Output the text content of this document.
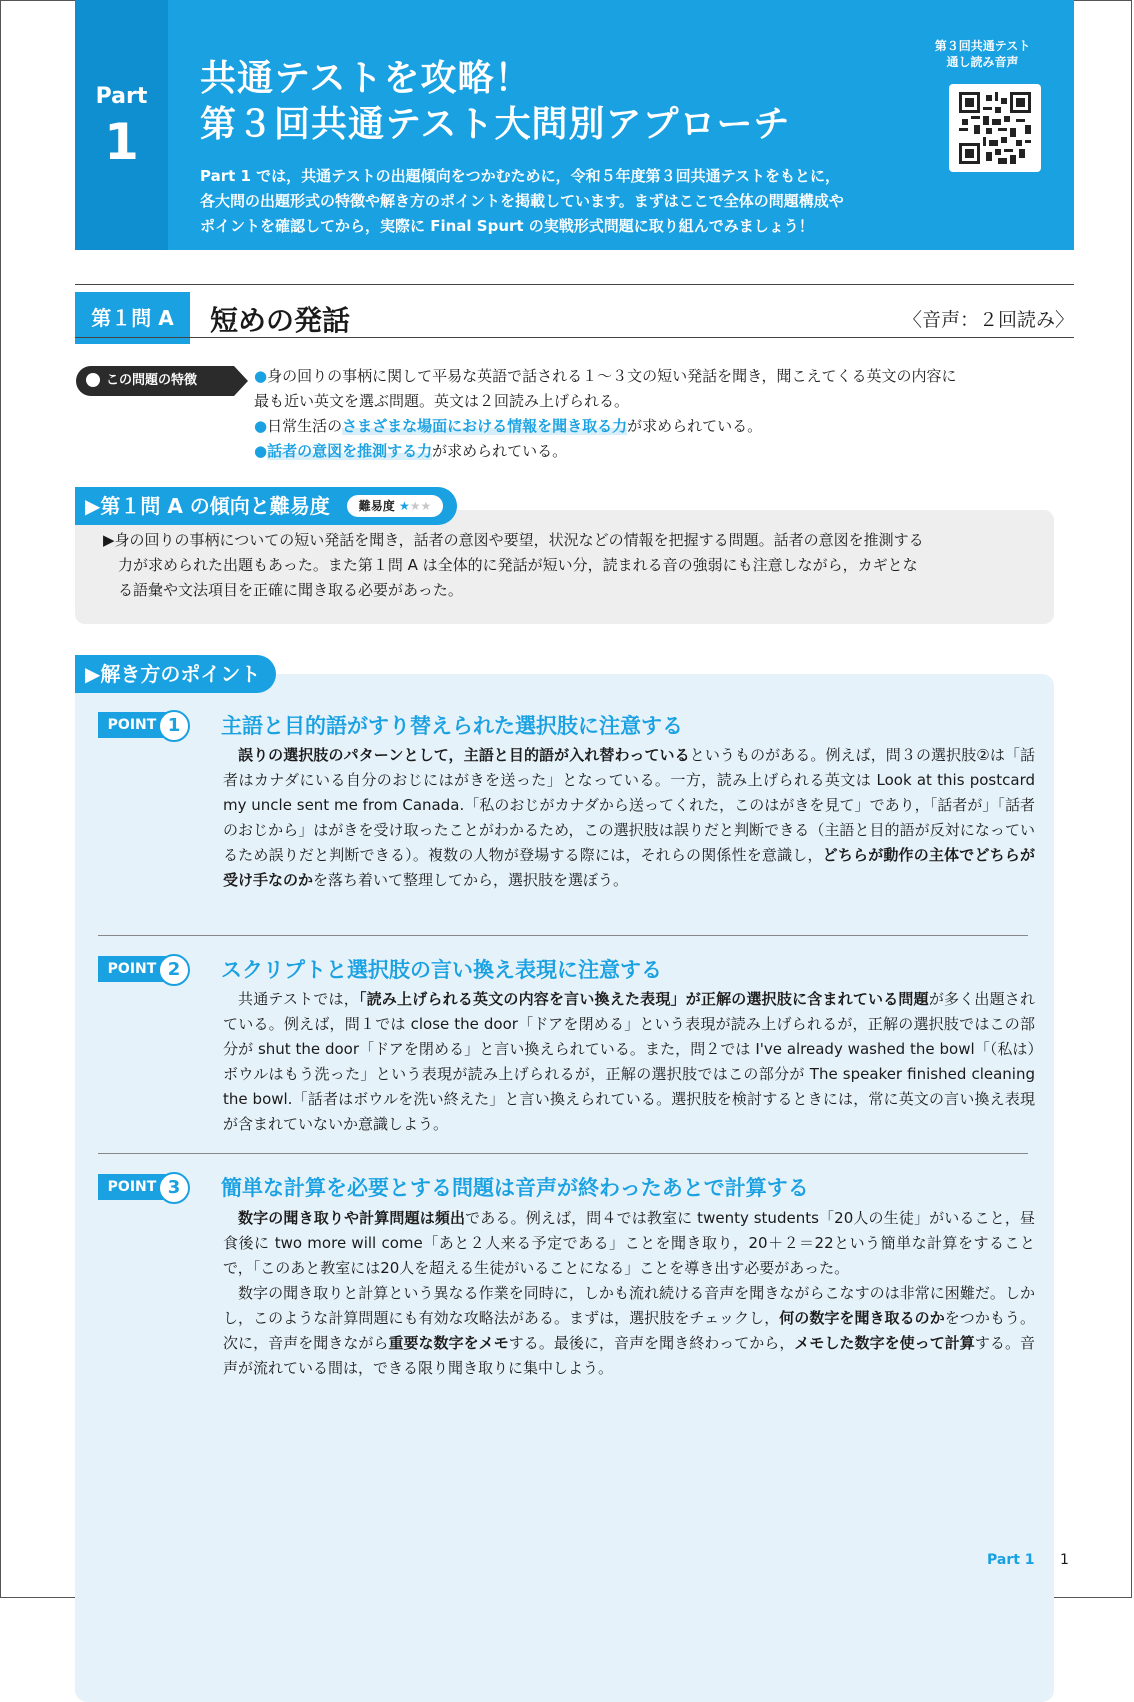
Part
1
共通テストを攻略！
第３回共通テスト大問別アプローチ
Part 1 では，共通テストの出題傾向をつかむために，令和５年度第３回共通テストをもとに，
各大問の出題形式の特徴や解き方のポイントを掲載しています。まずはここで全体の問題構成や
ポイントを確認してから，実際に Final Spurt の実戦形式問題に取り組んでみましょう！
第３回共通テスト
通し読み音声
第１問 A	短めの発話	〈音声：２回読み〉
この問題の特徴	●身の回りの事柄に関して平易な英語で話される１～３文の短い発話を聞き，聞こえてくる英文の内容に
最も近い英文を選ぶ問題。英文は２回読み上げられる。
●日常生活のさまざまな場面における情報を聞き取る力が求められている。
●話者の意図を推測する力が求められている。
▶第１問 A の傾向と難易度 難易度 ★★★
▶身の回りの事柄についての短い発話を聞き，話者の意図や要望，状況などの情報を把握する問題。話者の意図を推測する
力が求められた出題もあった。また第１問 A は全体的に発話が短い分，読まれる音の強弱にも注意しながら，カギとな
る語彙や文法項目を正確に聞き取る必要があった。
▶解き方のポイント
POINT 1	主語と目的語がすり替えられた選択肢に注意する

誤りの選択肢のパターンとして，主語と目的語が入れ替わっているというものがある。例えば，問３の選択肢②は「話者はカナダにいる自分のおじにはがきを送った」となっている。一方，読み上げられる英文は Look at this postcard my uncle sent me from Canada.「私のおじがカナダから送ってくれた，このはがきを見て」であり，「話者が」「話者のおじから」はがきを受け取ったことがわかるため，この選択肢は誤りだと判断できる（主語と目的語が反対になっているため誤りだと判断できる）。複数の人物が登場する際には，それらの関係性を意識し，どちらが動作の主体でどちらが受け手なのかを落ち着いて整理してから，選択肢を選ぼう。

POINT 2	スクリプトと選択肢の言い換え表現に注意する

共通テストでは，「読み上げられる英文の内容を言い換えた表現」が正解の選択肢に含まれている問題が多く出題されている。例えば，問１では close the door「ドアを閉める」という表現が読み上げられるが，正解の選択肢ではこの部分が shut the door「ドアを閉める」と言い換えられている。また，問２では I've already washed the bowl「（私は）ボウルはもう洗った」という表現が読み上げられるが，正解の選択肢ではこの部分が The speaker finished cleaning the bowl.「話者はボウルを洗い終えた」と言い換えられている。選択肢を検討するときには，常に英文の言い換え表現が含まれていないか意識しよう。

POINT 3	簡単な計算を必要とする問題は音声が終わったあとで計算する

数字の聞き取りや計算問題は頻出である。例えば，問４では教室に twenty students「20人の生徒」がいること，昼食後に two more will come「あと２人来る予定である」ことを聞き取り，20＋２＝22という簡単な計算をすることで，「このあと教室には20人を超える生徒がいることになる」ことを導き出す必要があった。

数字の聞き取りと計算という異なる作業を同時に，しかも流れ続ける音声を聞きながらこなすのは非常に困難だ。しかし，このような計算問題にも有効な攻略法がある。まずは，選択肢をチェックし，何の数字を聞き取るのかをつかもう。次に，音声を聞きながら重要な数字をメモする。最後に，音声を聞き終わってから，メモした数字を使って計算する。音声が流れている間は，できる限り聞き取りに集中しよう。

Part 1 1
